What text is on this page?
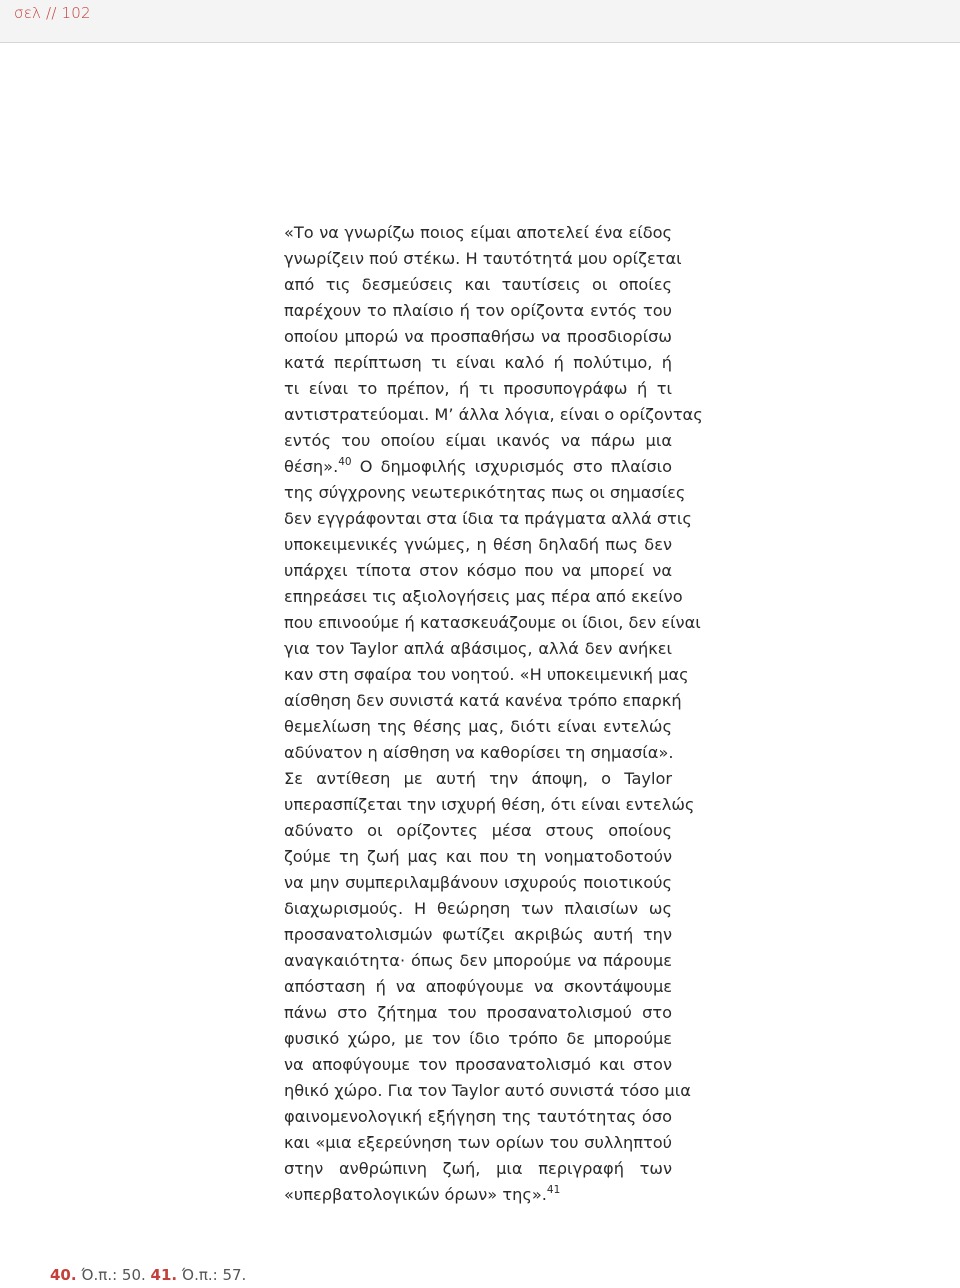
σελ // 102
«Το να γνωρίζω ποιος είμαι αποτελεί ένα είδος
γνωρίζειν πού στέκω. Η ταυτότητά μου ορίζεται
από τις δεσμεύσεις και ταυτίσεις οι οποίες
παρέχουν το πλαίσιο ή τον ορίζοντα εντός του
οποίου μπορώ να προσπαθήσω να προσδιορίσω
κατά περίπτωση τι είναι καλό ή πολύτιμο, ή
τι είναι το πρέπον, ή τι προσυπογράφω ή τι
αντιστρατεύομαι. Μ’ άλλα λόγια, είναι ο ορίζοντας
εντός του οποίου είμαι ικανός να πάρω μια
θέση».$^{40}$ Ο δημοφιλής ισχυρισμός στο πλαίσιο
της σύγχρονης νεωτερικότητας πως οι σημασίες
δεν εγγράφονται στα ίδια τα πράγματα αλλά στις
υποκειμενικές γνώμες, η θέση δηλαδή πως δεν
υπάρχει τίποτα στον κόσμο που να μπορεί να
επηρεάσει τις αξιολογήσεις μας πέρα από εκείνο
που επινοούμε ή κατασκευάζουμε οι ίδιοι, δεν είναι
για τον Taylor απλά αβάσιμος, αλλά δεν ανήκει
καν στη σφαίρα του νοητού. «Η υποκειμενική μας
αίσθηση δεν συνιστά κατά κανένα τρόπο επαρκή
θεμελίωση της θέσης μας, διότι είναι εντελώς
αδύνατον η αίσθηση να καθορίσει τη σημασία».
Σε αντίθεση με αυτή την άποψη, ο Taylor
υπερασπίζεται την ισχυρή θέση, ότι είναι εντελώς
αδύνατο οι ορίζοντες μέσα στους οποίους
ζούμε τη ζωή μας και που τη νοηματοδοτούν
να μην συμπεριλαμβάνουν ισχυρούς ποιοτικούς
διαχωρισμούς. Η θεώρηση των πλαισίων ως
προσανατολισμών φωτίζει ακριβώς αυτή την
αναγκαιότητα· όπως δεν μπορούμε να πάρουμε
απόσταση ή να αποφύγουμε να σκοντάψουμε
πάνω στο ζήτημα του προσανατολισμού στο
φυσικό χώρο, με τον ίδιο τρόπο δε μπορούμε
να αποφύγουμε τον προσανατολισμό και στον
ηθικό χώρο. Για τον Taylor αυτό συνιστά τόσο μια
φαινομενολογική εξήγηση της ταυτότητας όσο
και «μια εξερεύνηση των ορίων του συλληπτού
στην ανθρώπινη ζωή, μια περιγραφή των
«υπερβατολογικών όρων» της».$^{41}$
40. Ό.π.: 50. 41. Ό.π.: 57.
